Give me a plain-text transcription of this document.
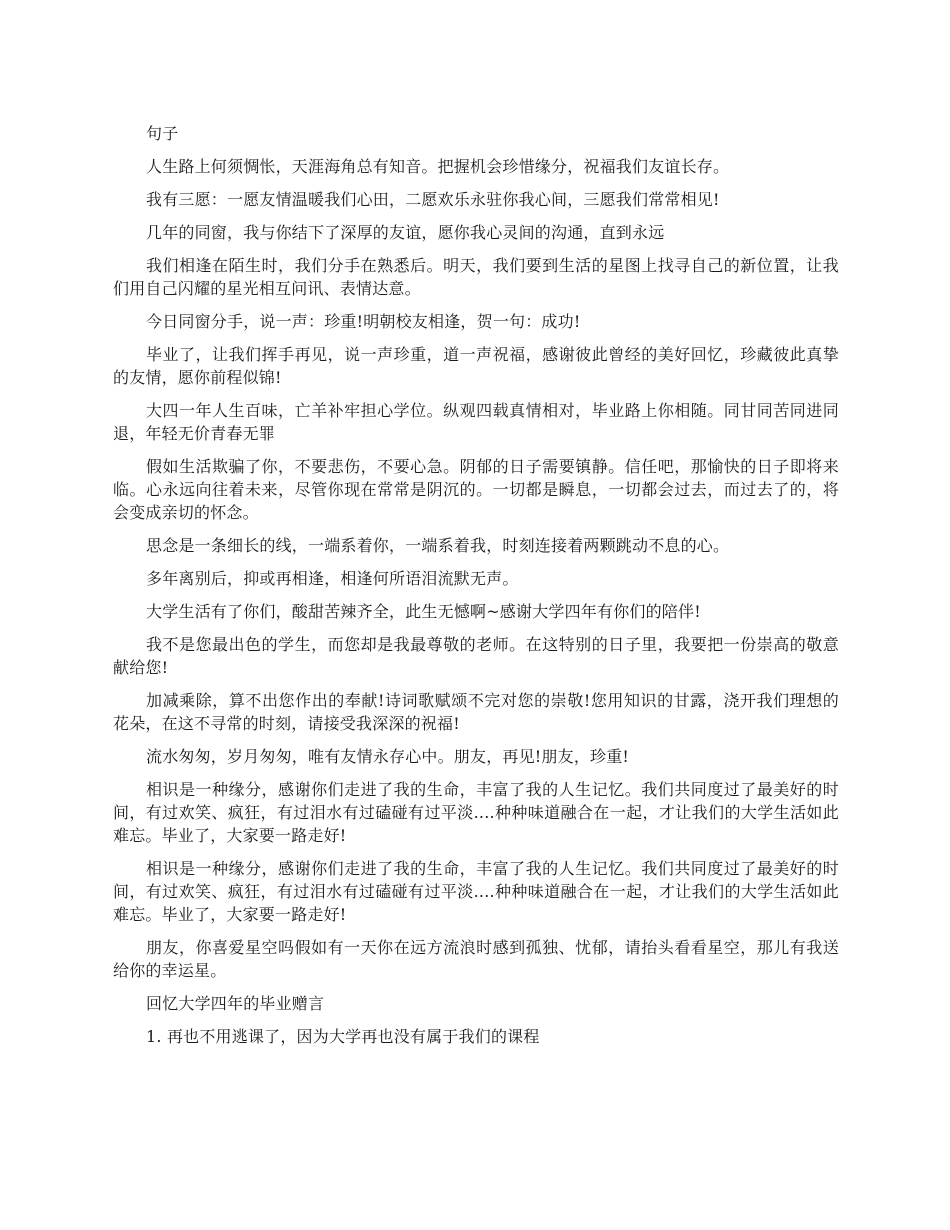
句子

人生路上何须惆怅，天涯海角总有知音。把握机会珍惜缘分，祝福我们友谊长存。

我有三愿：一愿友情温暖我们心田，二愿欢乐永驻你我心间，三愿我们常常相见!

几年的同窗，我与你结下了深厚的友谊，愿你我心灵间的沟通，直到永远

我们相逢在陌生时，我们分手在熟悉后。明天，我们要到生活的星图上找寻自己的新位置，让我们用自己闪耀的星光相互问讯、表情达意。

今日同窗分手，说一声：珍重!明朝校友相逢，贺一句：成功!

毕业了，让我们挥手再见，说一声珍重，道一声祝福，感谢彼此曾经的美好回忆，珍藏彼此真挚的友情，愿你前程似锦!

大四一年人生百味，亡羊补牢担心学位。纵观四载真情相对，毕业路上你相随。同甘同苦同进同退，年轻无价青春无罪

假如生活欺骗了你，不要悲伤，不要心急。阴郁的日子需要镇静。信任吧，那愉快的日子即将来临。心永远向往着未来，尽管你现在常常是阴沉的。一切都是瞬息，一切都会过去，而过去了的，将会变成亲切的怀念。

思念是一条细长的线，一端系着你，一端系着我，时刻连接着两颗跳动不息的心。

多年离别后，抑或再相逢，相逢何所语泪流默无声。

大学生活有了你们，酸甜苦辣齐全，此生无憾啊~感谢大学四年有你们的陪伴!

我不是您最出色的学生，而您却是我最尊敬的老师。在这特别的日子里，我要把一份崇高的敬意献给您!

加减乘除，算不出您作出的奉献!诗词歌赋颂不完对您的崇敬!您用知识的甘露，浇开我们理想的花朵，在这不寻常的时刻，请接受我深深的祝福!

流水匆匆，岁月匆匆，唯有友情永存心中。朋友，再见!朋友，珍重!

相识是一种缘分，感谢你们走进了我的生命，丰富了我的人生记忆。我们共同度过了最美好的时间，有过欢笑、疯狂，有过泪水有过磕碰有过平淡....种种味道融合在一起，才让我们的大学生活如此难忘。毕业了，大家要一路走好!

相识是一种缘分，感谢你们走进了我的生命，丰富了我的人生记忆。我们共同度过了最美好的时间，有过欢笑、疯狂，有过泪水有过磕碰有过平淡....种种味道融合在一起，才让我们的大学生活如此难忘。毕业了，大家要一路走好!

朋友，你喜爱星空吗假如有一天你在远方流浪时感到孤独、忧郁，请抬头看看星空，那儿有我送给你的幸运星。

回忆大学四年的毕业赠言

1. 再也不用逃课了，因为大学再也没有属于我们的课程
